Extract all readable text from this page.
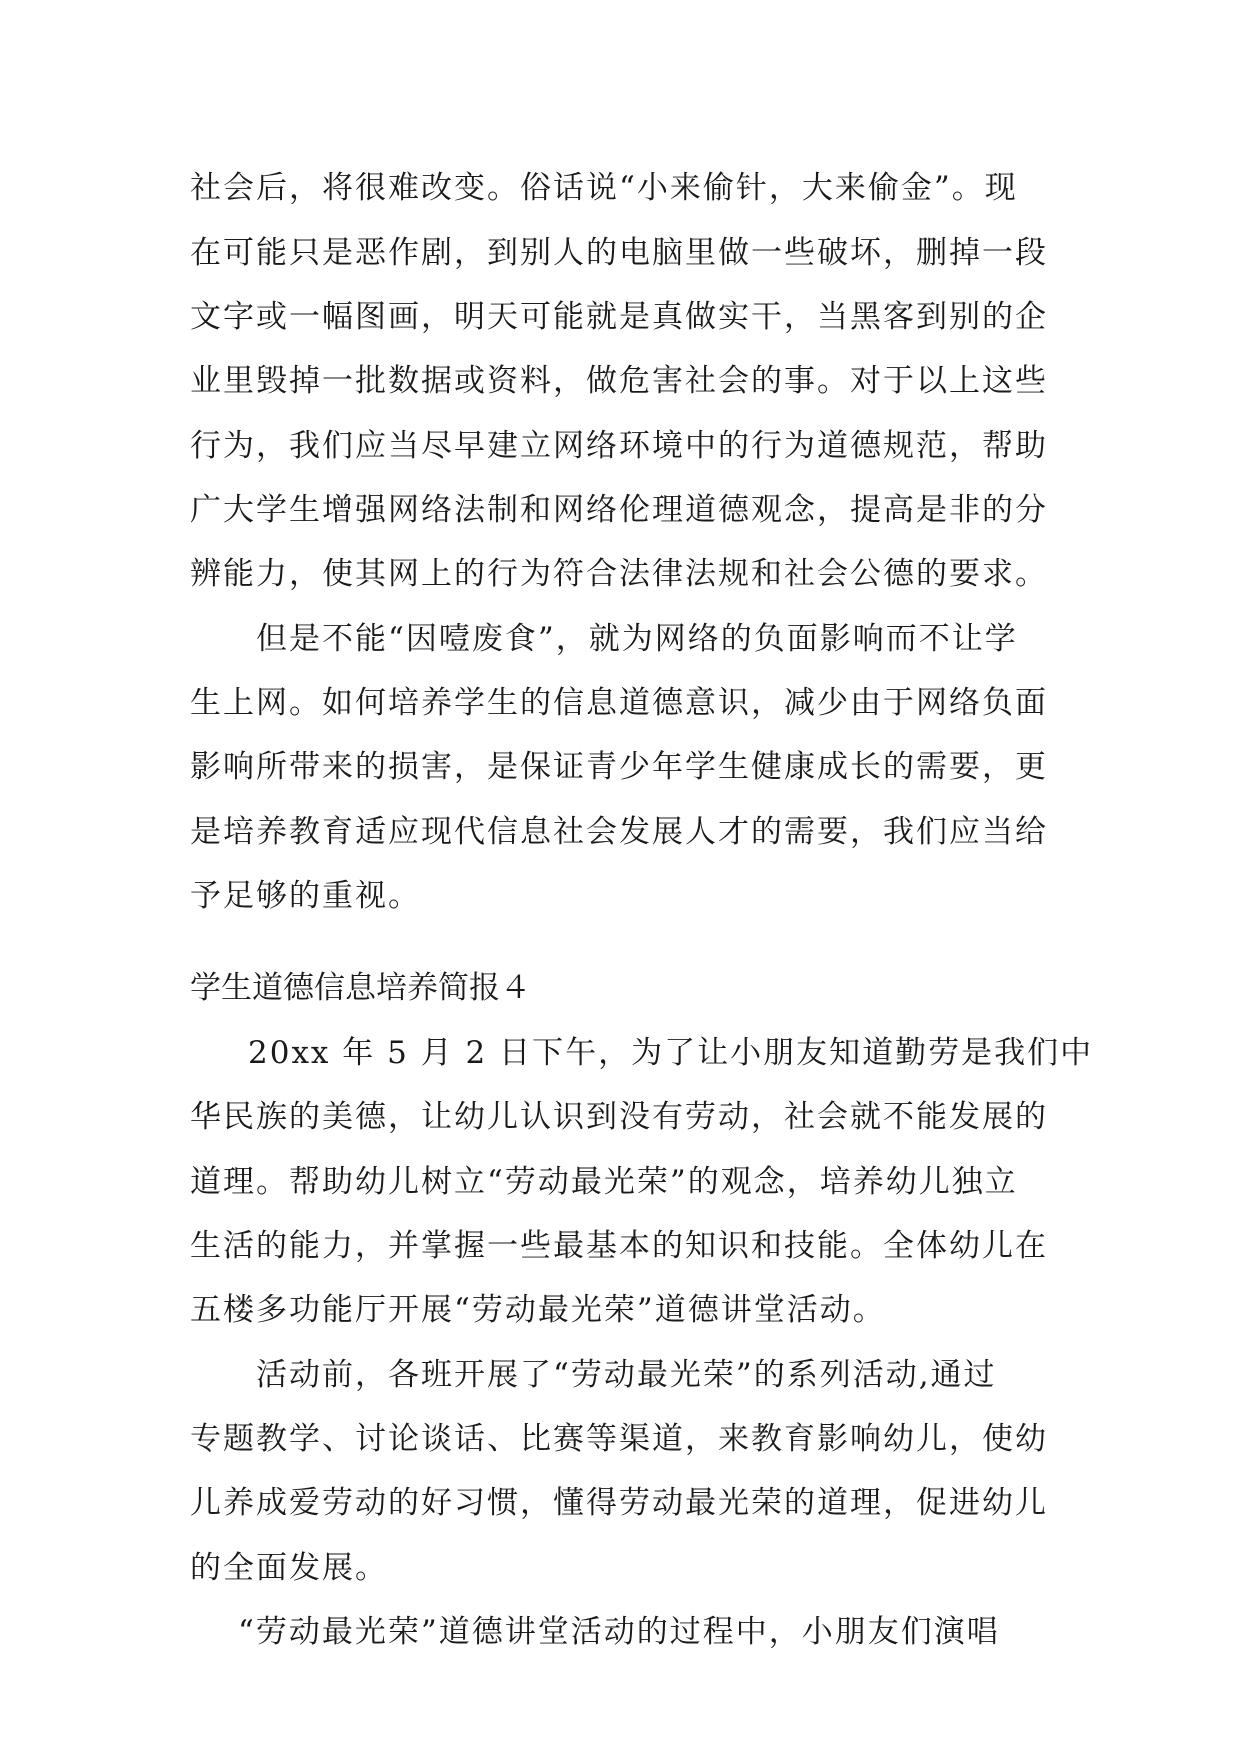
社会后，将很难改变。俗话说“小来偷针，大来偷金”。现
在可能只是恶作剧，到别人的电脑里做一些破坏，删掉一段
文字或一幅图画，明天可能就是真做实干，当黑客到别的企
业里毁掉一批数据或资料，做危害社会的事。对于以上这些
行为，我们应当尽早建立网络环境中的行为道德规范，帮助
广大学生增强网络法制和网络伦理道德观念，提高是非的分
辨能力，使其网上的行为符合法律法规和社会公德的要求。
但是不能“因噎废食”，就为网络的负面影响而不让学
生上网。如何培养学生的信息道德意识，减少由于网络负面
影响所带来的损害，是保证青少年学生健康成长的需要，更
是培养教育适应现代信息社会发展人才的需要，我们应当给
予足够的重视。
学生道德信息培养简报４
20xx 年 5 月 2 日下午，为了让小朋友知道勤劳是我们中
华民族的美德，让幼儿认识到没有劳动，社会就不能发展的
道理。帮助幼儿树立“劳动最光荣”的观念，培养幼儿独立
生活的能力，并掌握一些最基本的知识和技能。全体幼儿在
五楼多功能厅开展“劳动最光荣”道德讲堂活动。
活动前，各班开展了“劳动最光荣”的系列活动,通过
专题教学、讨论谈话、比赛等渠道，来教育影响幼儿，使幼
儿养成爱劳动的好习惯，懂得劳动最光荣的道理，促进幼儿
的全面发展。
“劳动最光荣”道德讲堂活动的过程中，小朋友们演唱
